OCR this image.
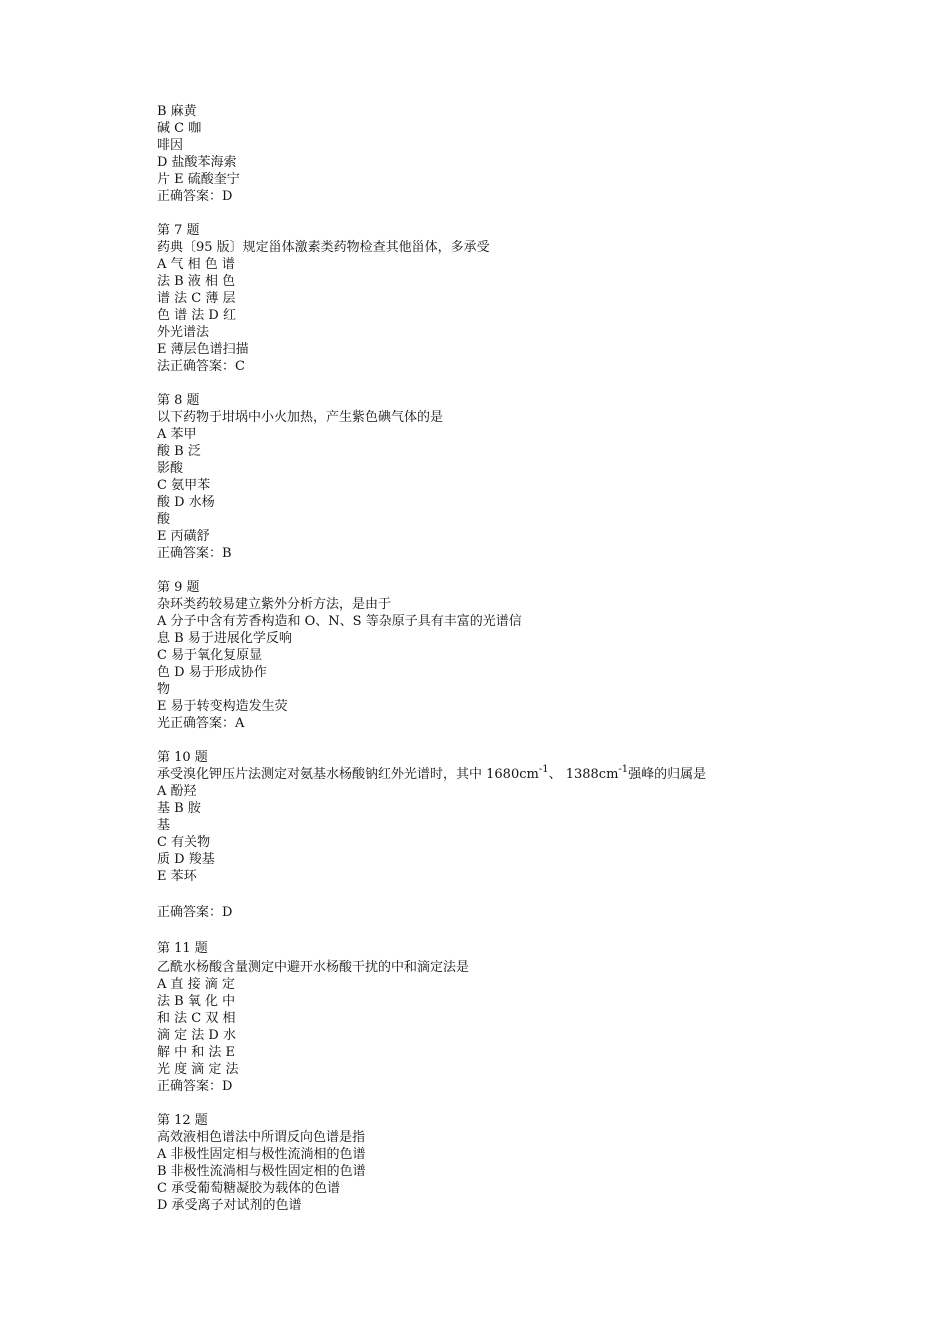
B 麻黄
碱 C 咖
啡因
D 盐酸苯海索
片 E 硫酸奎宁
正确答案：D
第 7 题
药典〔95 版〕规定甾体激素类药物检查其他甾体，多承受
A 气 相 色 谱
法 B 液 相 色
谱 法 C 薄 层
色 谱 法 D 红
外光谱法
E 薄层色谱扫描
法正确答案：C
第 8 题
以下药物于坩埚中小火加热，产生紫色碘气体的是
A 苯甲
酸 B 泛
影酸
C 氨甲苯
酸 D 水杨
酸
E 丙磺舒
正确答案：B
第 9 题
杂环类药较易建立紫外分析方法，是由于
A 分子中含有芳香构造和 O、N、S 等杂原子具有丰富的光谱信
息 B 易于进展化学反响
C 易于氧化复原显
色 D 易于形成协作
物
E 易于转变构造发生荧
光正确答案：A
第 10 题
承受溴化钾压片法测定对氨基水杨酸钠红外光谱时，其中 $1680cm^{-1}$、 $1388cm^{-1}$强峰的归属是
A 酚羟
基 B 胺
基
C 有关物
质 D 羧基
E 苯环
正确答案：D
第 11 题
乙酰水杨酸含量测定中避开水杨酸干扰的中和滴定法是
A 直 接 滴 定
法 B 氧 化 中
和 法 C 双 相
滴 定 法 D 水
解 中 和 法 E
光 度 滴 定 法
正确答案：D
第 12 题
高效液相色谱法中所谓反向色谱是指
A 非极性固定相与极性流淌相的色谱
B 非极性流淌相与极性固定相的色谱
C 承受葡萄糖凝胶为载体的色谱
D 承受离子对试剂的色谱
